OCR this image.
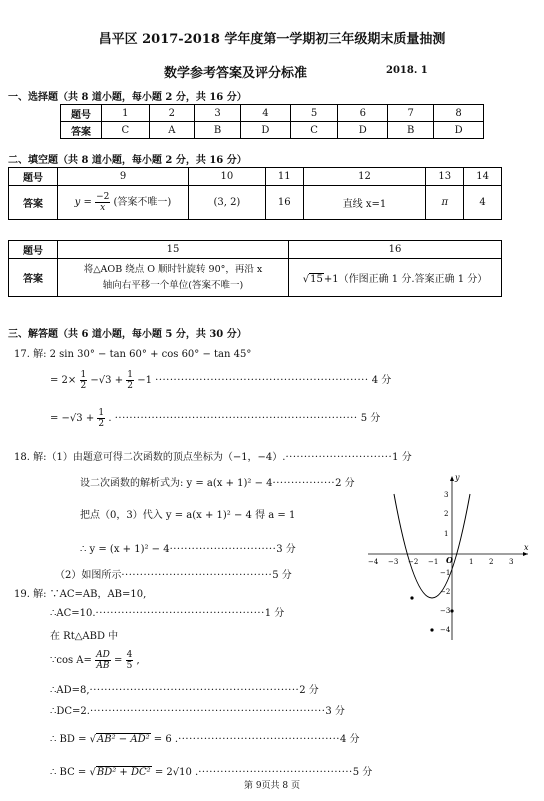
昌平区 2017-2018 学年度第一学期初三年级期末质量抽测
数学参考答案及评分标准	2018. 1
一、选择题（共 8 道小题，每小题 2 分，共 16 分）
题号	1	2	3	4	5	6	7	8
答案	C	A	B	D	C	D	B	D
二、填空题（共 8 道小题，每小题 2 分，共 16 分）
题号	9	10	11	12	13	14
答案	$y = \frac{-2}{x}$ (答案不唯一)	(3, 2)	16	直线 x=1	π	4
题号	15	16
答案	将△AOB 绕点 O 顺时针旋转 90°，再沿 x
轴向右平移一个单位(答案不唯一)	√15+1（作图正确 1 分.答案正确 1 分）
三、解答题（共 6 道小题，每小题 5 分，共 30 分）
17. 解: 2 sin 30° − tan 60° + cos 60° − tan 45°
= $2\times \frac{1}{2} -√3 + \frac{1}{2} -1$ ·························································· 4 分
= $-√3 + \frac{1}{2}$ . ·································································· 5 分
18. 解:（1）由题意可得二次函数的顶点坐标为（−1，−4）.·····························1 分
设二次函数的解析式为: y = a(x + 1)² − 4·················2 分
把点（0，3）代入 y = a(x + 1)² − 4 得 a = 1
∴ y = (x + 1)² − 4·····························3 分
（2）如图所示·········································5 分
19. 解: ∵AC=AB，AB=10,
∴AC=10.··············································1 分
在 Rt△ABD 中
∵cos $A= \frac{AD}{AB} = \frac{4}{5}$ ,
∴AD=8,·························································2 分
∴DC=2.································································3 分
∴ BD = √AB² − AD² = 6 .············································4 分
∴ BC = √BD² + DC² = 2√10 .··········································5 分
x
y
O
−4 −3 −2 −1	1 2 3
3
2
1
−1
−2
−3
−4
第 9页共 8 页
